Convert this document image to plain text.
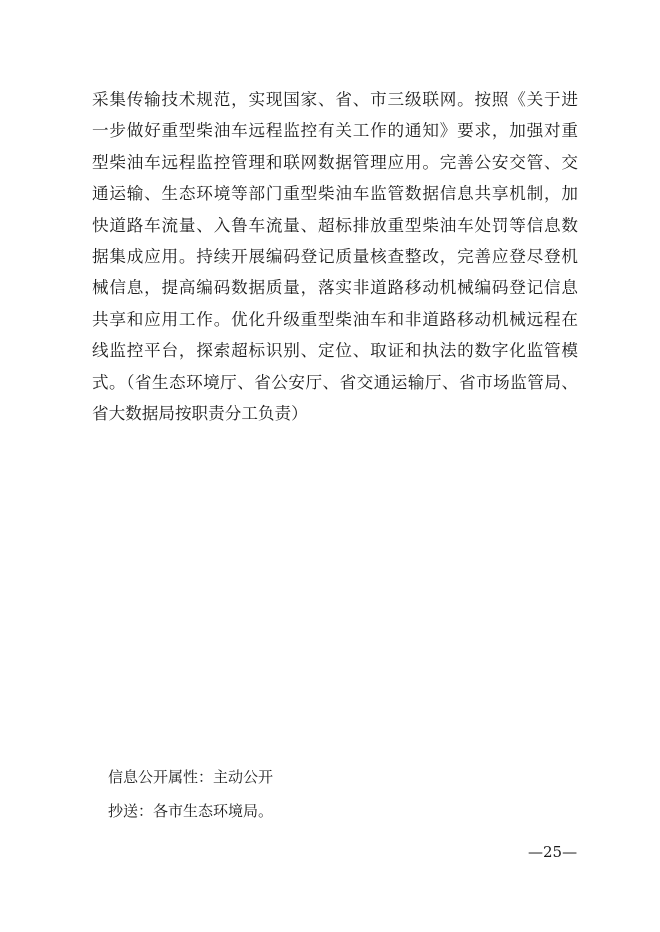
采集传输技术规范，实现国家、省、市三级联网。按照《关于进
一步做好重型柴油车远程监控有关工作的通知》要求，加强对重
型柴油车远程监控管理和联网数据管理应用。完善公安交管、交
通运输、生态环境等部门重型柴油车监管数据信息共享机制，加
快道路车流量、入鲁车流量、超标排放重型柴油车处罚等信息数
据集成应用。持续开展编码登记质量核查整改，完善应登尽登机
械信息，提高编码数据质量，落实非道路移动机械编码登记信息
共享和应用工作。优化升级重型柴油车和非道路移动机械远程在
线监控平台，探索超标识别、定位、取证和执法的数字化监管模
式。（省生态环境厅、省公安厅、省交通运输厅、省市场监管局、
省大数据局按职责分工负责）
信息公开属性：主动公开
抄送：各市生态环境局。
—25—
